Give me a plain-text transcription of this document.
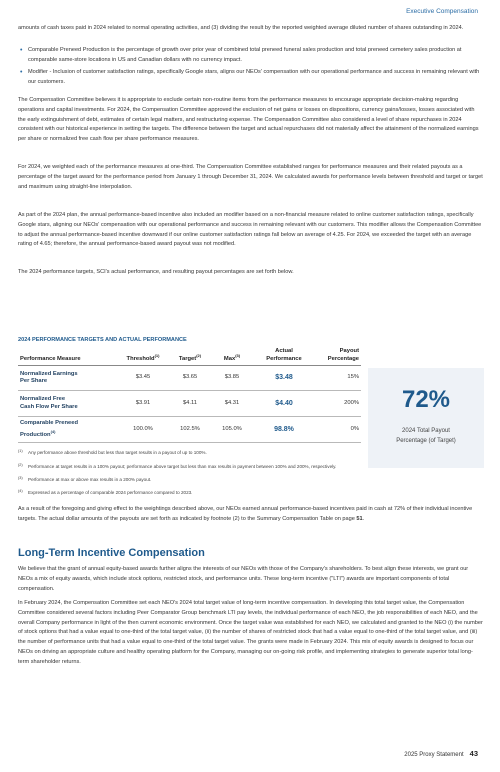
Executive Compensation
amounts of cash taxes paid in 2024 related to normal operating activities, and (3) dividing the result by the reported weighted average diluted number of shares outstanding in 2024.
• Comparable Preneed Production is the percentage of growth over prior year of combined total preneed funeral sales production and total preneed cemetery sales production at comparable same-store locations in US and Canadian dollars with no currency impact.
• Modifier - Inclusion of customer satisfaction ratings, specifically Google stars, aligns our NEOs' compensation with our operational performance and success in remaining relevant with our customers.
The Compensation Committee believes it is appropriate to exclude certain non-routine items from the performance measures to encourage appropriate decision-making regarding operations and capital investments. For 2024, the Compensation Committee approved the exclusion of net gains or losses on dispositions, currency gains/losses, losses associated with the early extinguishment of debt, estimates of certain legal matters, and restructuring expense. The Compensation Committee also considered a level of share repurchases in 2024 consistent with our historical experience in setting the targets. The difference between the target and actual repurchases did not materially affect the attainment of the normalized earnings per share or normalized free cash flow per share performance measures.
For 2024, we weighted each of the performance measures at one-third. The Compensation Committee established ranges for performance measures and their related payouts as a percentage of the target award for the performance period from January 1 through December 31, 2024. We calculated awards for performance levels between threshold and target or target and maximum using straight-line interpolation.
As part of the 2024 plan, the annual performance-based incentive also included an modifier based on a non-financial measure related to online customer satisfaction ratings, specifically Google stars, aligning our NEOs' compensation with our operational performance and success in remaining relevant with our customers. This modifier allows the Compensation Committee to adjust the annual performance-based incentive downward if our online customer satisfaction ratings fall below an average of 4.25. For 2024, we exceeded the target with an average rating of 4.65; therefore, the annual performance-based award payout was not modified.
The 2024 performance targets, SCI's actual performance, and resulting payout percentages are set forth below.
2024 PERFORMANCE TARGETS AND ACTUAL PERFORMANCE
Performance Measure	Threshold$^{(1)}$	Target$^{(2)}$	Max$^{(3)}$	Actual
Performance	Payout
Percentage
Normalized Earnings
Per Share	$3.45	$3.65	$3.85	$3.48	15%
Normalized Free
Cash Flow Per Share	$3.91	$4.11	$4.31	$4.40	200%
Comparable Preneed
Production$^{(4)}$	100.0%	102.5%	105.0%	98.8%	0%
72%
2024 Total Payout
Percentage (of Target)
(1)	Any performance above threshold but less than target results in a payout of up to 100%.
(2)	Performance at target results in a 100% payout; performance above target but less than max results in payment between 100% and 200%, respectively.
(3)	Performance at max or above max results in a 200% payout.
(4)	Expressed as a percentage of comparable 2024 performance compared to 2023.
As a result of the foregoing and giving effect to the weightings described above, our NEOs earned annual performance-based incentives paid in cash at 72% of their individual incentive targets. The actual dollar amounts of the payouts are set forth as indicated by footnote (2) to the Summary Compensation Table on page 51.
Long-Term Incentive Compensation
We believe that the grant of annual equity-based awards further aligns the interests of our NEOs with those of the Company's shareholders. To best align these interests, we grant our NEOs a mix of equity awards, which include stock options, restricted stock, and performance units. These long-term incentive ("LTI") awards are important components of total compensation.
In February 2024, the Compensation Committee set each NEO's 2024 total target value of long-term incentive compensation. In developing this total target value, the Compensation Committee considered several factors including Peer Comparator Group benchmark LTI pay levels, the individual performance of each NEO, the job responsibilities of each NEO, and the overall Company performance in light of the then current economic environment. Once the target value was established for each NEO, we calculated and granted to the NEO (i) the number of stock options that had a value equal to one-third of the total target value, (ii) the number of shares of restricted stock that had a value equal to one-third of the total target value, and (iii) the number of performance units that had a value equal to one-third of the total target value. The grants were made in February 2024. This mix of equity awards is designed to focus our NEOs on driving an appropriate culture and healthy operating platform for the Company, managing our on-going risk profile, and implementing strategies to generate superior total long-term shareholder returns.
2025 Proxy Statement 43
